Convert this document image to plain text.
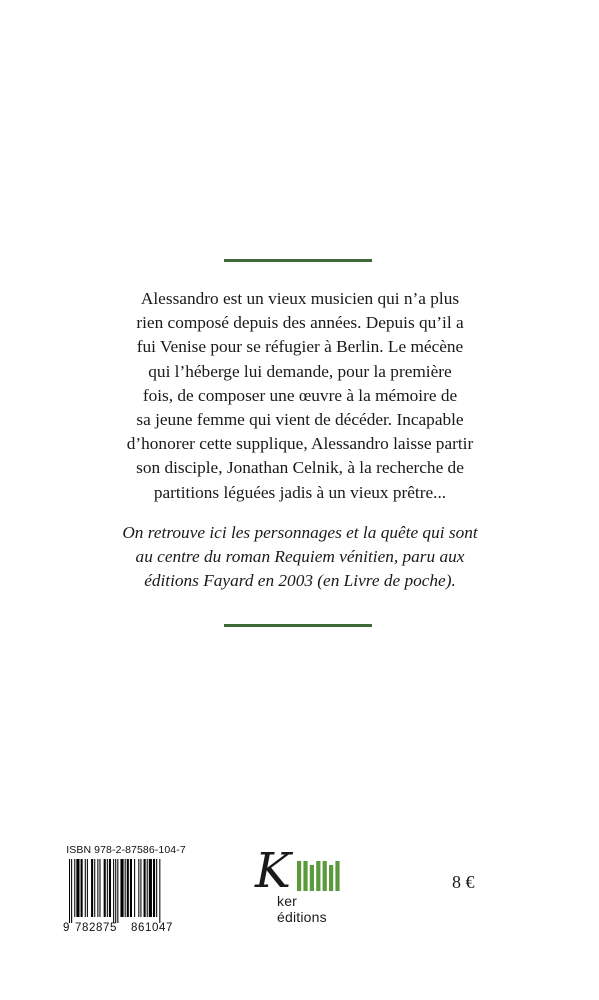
Alessandro est un vieux musicien qui n’a plus
rien composé depuis des années. Depuis qu’il a
fui Venise pour se réfugier à Berlin. Le mécène
qui l’héberge lui demande, pour la première
fois, de composer une œuvre à la mémoire de
sa jeune femme qui vient de décéder. Incapable
d’honorer cette supplique, Alessandro laisse partir
son disciple, Jonathan Celnik, à la recherche de
partitions léguées jadis à un vieux prêtre...

On retrouve ici les personnages et la quête qui sont
au centre du roman Requiem vénitien, paru aux
éditions Fayard en 2003 (en Livre de poche).

ISBN 978-2-87586-104-7
9 782875 861047
K
ker éditions
8 €
